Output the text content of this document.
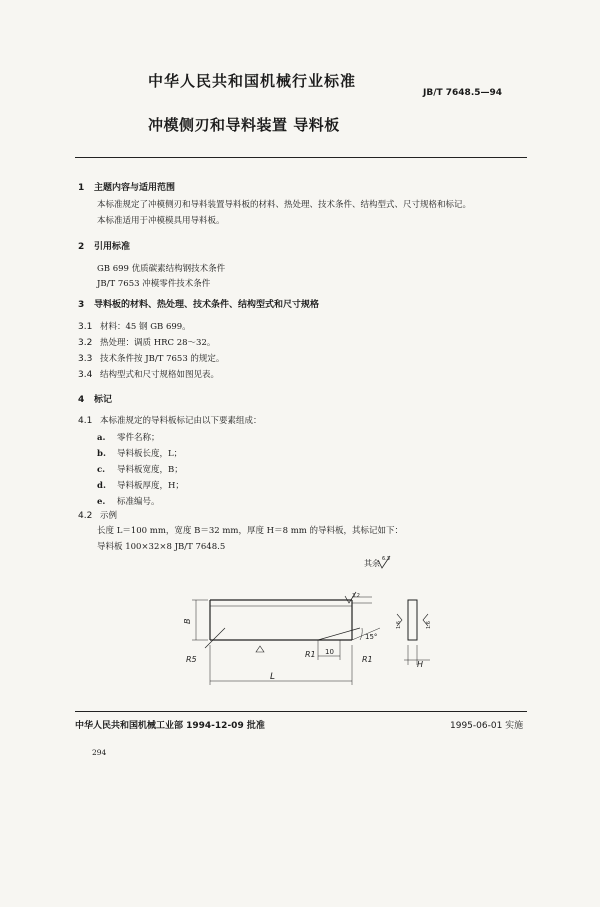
中华人民共和国机械行业标准
JB/T 7648.5—94
冲模侧刃和导料装置 导料板
1 主题内容与适用范围
本标准规定了冲模侧刃和导料装置导料板的材料、热处理、技术条件、结构型式、尺寸规格和标记。
本标准适用于冲模模具用导料板。
2 引用标准
GB 699 优质碳素结构钢技术条件
JB/T 7653 冲模零件技术条件
3 导料板的材料、热处理、技术条件、结构型式和尺寸规格
3.1 材料：45 钢 GB 699。
3.2 热处理：调质 HRC 28～32。
3.3 技术条件按 JB/T 7653 的规定。
3.4 结构型式和尺寸规格如图见表。
4 标记
4.1 本标准规定的导料板标记由以下要素组成：
a. 零件名称；
b. 导料板长度，L；
c. 导料板宽度，B；
d. 导料板厚度，H；
e. 标准编号。
4.2 示例
长度 L＝100 mm，宽度 B＝32 mm，厚度 H＝8 mm 的导料板，其标记如下：
导料板 100×32×8 JB/T 7648.5
其余 6.3
3.2
B
L
R5
R1 10
R1
15°
1.6	1.6
H
中华人民共和国机械工业部 1994-12-09 批准	1995-06-01 实施
294
